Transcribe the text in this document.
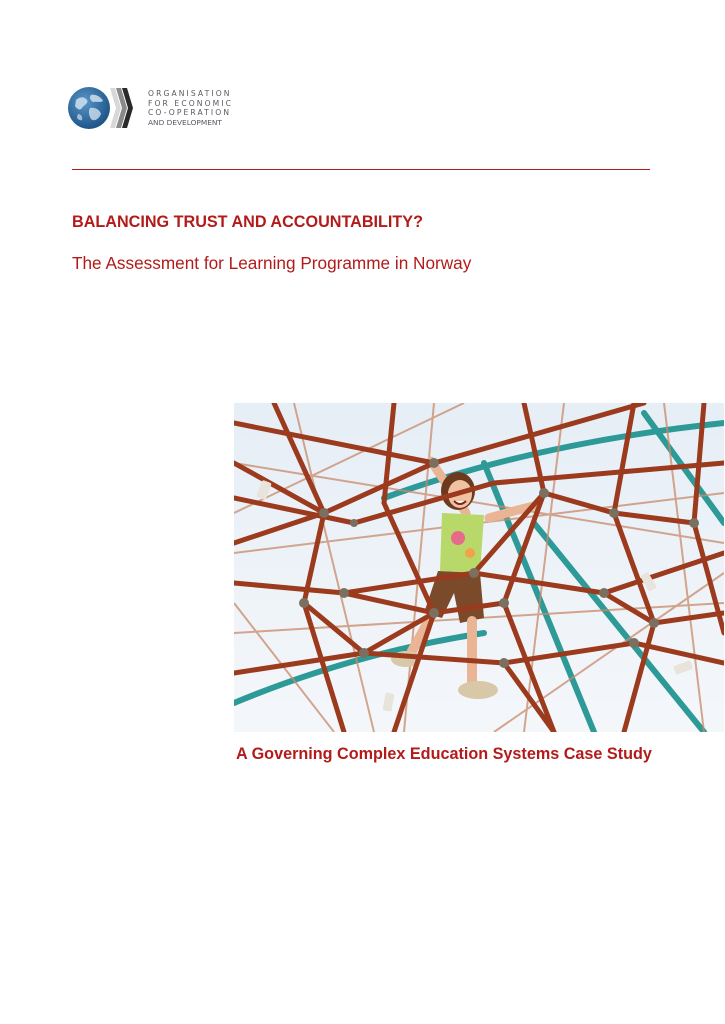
ORGANISATION
FOR ECONOMIC
CO-OPERATION
AND DEVELOPMENT
BALANCING TRUST AND ACCOUNTABILITY?
The Assessment for Learning Programme in Norway
A Governing Complex Education Systems Case Study
